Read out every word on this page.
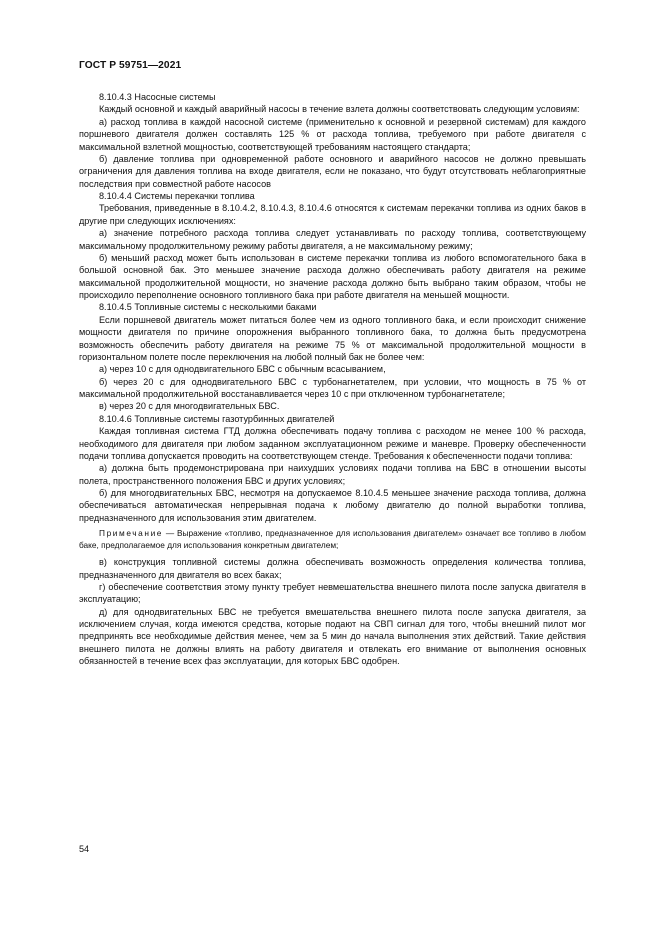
ГОСТ Р 59751—2021

8.10.4.3 Насосные системы

Каждый основной и каждый аварийный насосы в течение взлета должны соответствовать следующим условиям:

а) расход топлива в каждой насосной системе (применительно к основной и резервной системам) для каждого поршневого двигателя должен составлять 125 % от расхода топлива, требуемого при работе двигателя с максимальной взлетной мощностью, соответствующей требованиям настоящего стандарта;

б) давление топлива при одновременной работе основного и аварийного насосов не должно превышать ограничения для давления топлива на входе двигателя, если не показано, что будут отсутствовать неблагоприятные последствия при совместной работе насосов

8.10.4.4 Системы перекачки топлива

Требования, приведенные в 8.10.4.2, 8.10.4.3, 8.10.4.6 относятся к системам перекачки топлива из одних баков в другие при следующих исключениях:

а) значение потребного расхода топлива следует устанавливать по расходу топлива, соответствующему максимальному продолжительному режиму работы двигателя, а не максимальному режиму;

б) меньший расход может быть использован в системе перекачки топлива из любого вспомогательного бака в большой основной бак. Это меньшее значение расхода должно обеспечивать работу двигателя на режиме максимальной продолжительной мощности, но значение расхода должно быть выбрано таким образом, чтобы не происходило переполнение основного топливного бака при работе двигателя на меньшей мощности.

8.10.4.5 Топливные системы с несколькими баками

Если поршневой двигатель может питаться более чем из одного топливного бака, и если происходит снижение мощности двигателя по причине опорожнения выбранного топливного бака, то должна быть предусмотрена возможность обеспечить работу двигателя на режиме 75 % от максимальной продолжительной мощности в горизонтальном полете после переключения на любой полный бак не более чем:

а) через 10 с для однодвигательного БВС с обычным всасыванием,

б) через 20 с для однодвигательного БВС с турбонагнетателем, при условии, что мощность в 75 % от максимальной продолжительной восстанавливается через 10 с при отключенном турбонагнетателе;

в) через 20 с для многодвигательных БВС.

8.10.4.6 Топливные системы газотурбинных двигателей

Каждая топливная система ГТД должна обеспечивать подачу топлива с расходом не менее 100 % расхода, необходимого для двигателя при любом заданном эксплуатационном режиме и маневре. Проверку обеспеченности подачи топлива допускается проводить на соответствующем стенде. Требования к обеспеченности подачи топлива:

а) должна быть продемонстрирована при наихудших условиях подачи топлива на БВС в отношении высоты полета, пространственного положения БВС и других условиях;

б) для многодвигательных БВС, несмотря на допускаемое 8.10.4.5 меньшее значение расхода топлива, должна обеспечиваться автоматическая непрерывная подача к любому двигателю до полной выработки топлива, предназначенного для использования этим двигателем.

Примечание — Выражение «топливо, предназначенное для использования двигателем» означает все топливо в любом баке, предполагаемое для использования конкретным двигателем;

в) конструкция топливной системы должна обеспечивать возможность определения количества топлива, предназначенного для двигателя во всех баках;

г) обеспечение соответствия этому пункту требует невмешательства внешнего пилота после запуска двигателя в эксплуатацию;

д) для однодвигательных БВС не требуется вмешательства внешнего пилота после запуска двигателя, за исключением случая, когда имеются средства, которые подают на СВП сигнал для того, чтобы внешний пилот мог предпринять все необходимые действия менее, чем за 5 мин до начала выполнения этих действий. Такие действия внешнего пилота не должны влиять на работу двигателя и отвлекать его внимание от выполнения основных обязанностей в течение всех фаз эксплуатации, для которых БВС одобрен.

54
